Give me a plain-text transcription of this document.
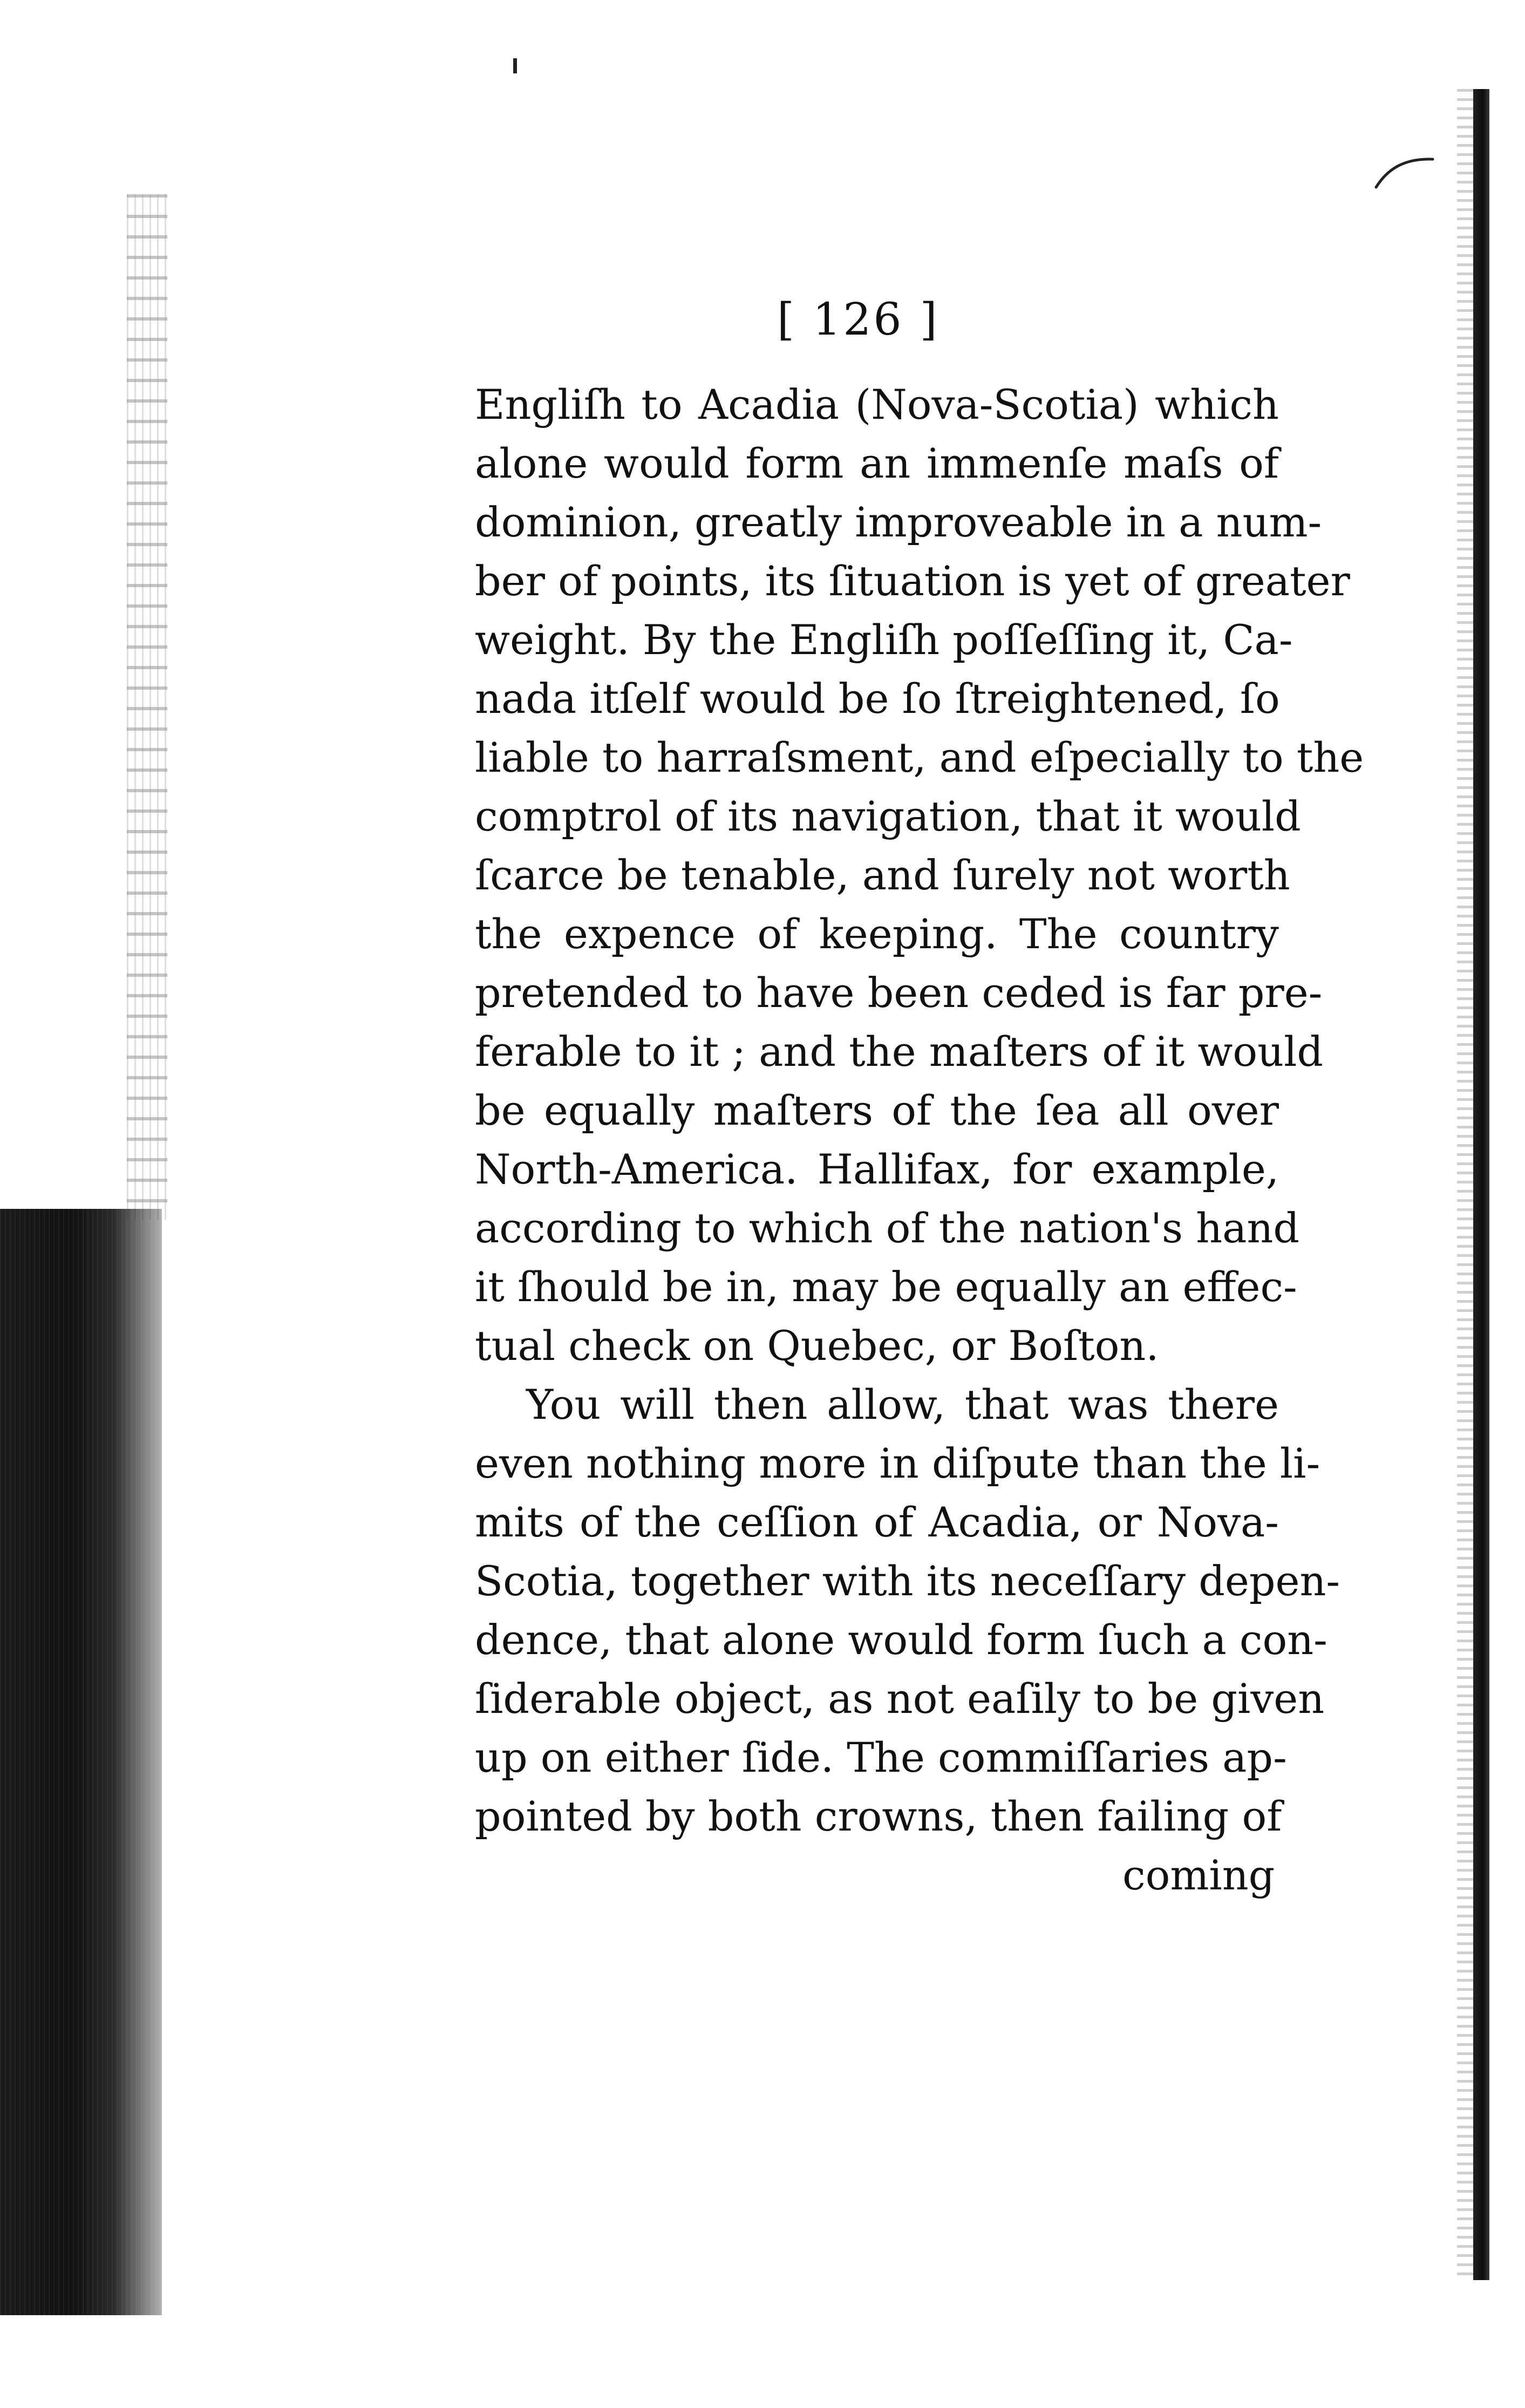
[ 126 ]
Engliſh to Acadia (Nova-Scotia) which
alone would form an immenſe maſs of
dominion, greatly improveable in a num-
ber of points, its ſituation is yet of greater
weight. By the Engliſh poſſeſſing it, Ca-
nada itſelf would be ſo ſtreightened, ſo
liable to harraſsment, and eſpecially to the
comptrol of its navigation, that it would
ſcarce be tenable, and ſurely not worth
the expence of keeping. The country
pretended to have been ceded is far pre-
ferable to it ; and the maſters of it would
be equally maſters of the ſea all over
North-America. Hallifax, for example,
according to which of the nation's hand
it ſhould be in, may be equally an effec-
tual check on Quebec, or Boſton.
You will then allow, that was there
even nothing more in diſpute than the li-
mits of the ceſſion of Acadia, or Nova-
Scotia, together with its neceſſary depen-
dence, that alone would form ſuch a con-
ſiderable object, as not eaſily to be given
up on either ſide. The commiſſaries ap-
pointed by both crowns, then failing of
coming
